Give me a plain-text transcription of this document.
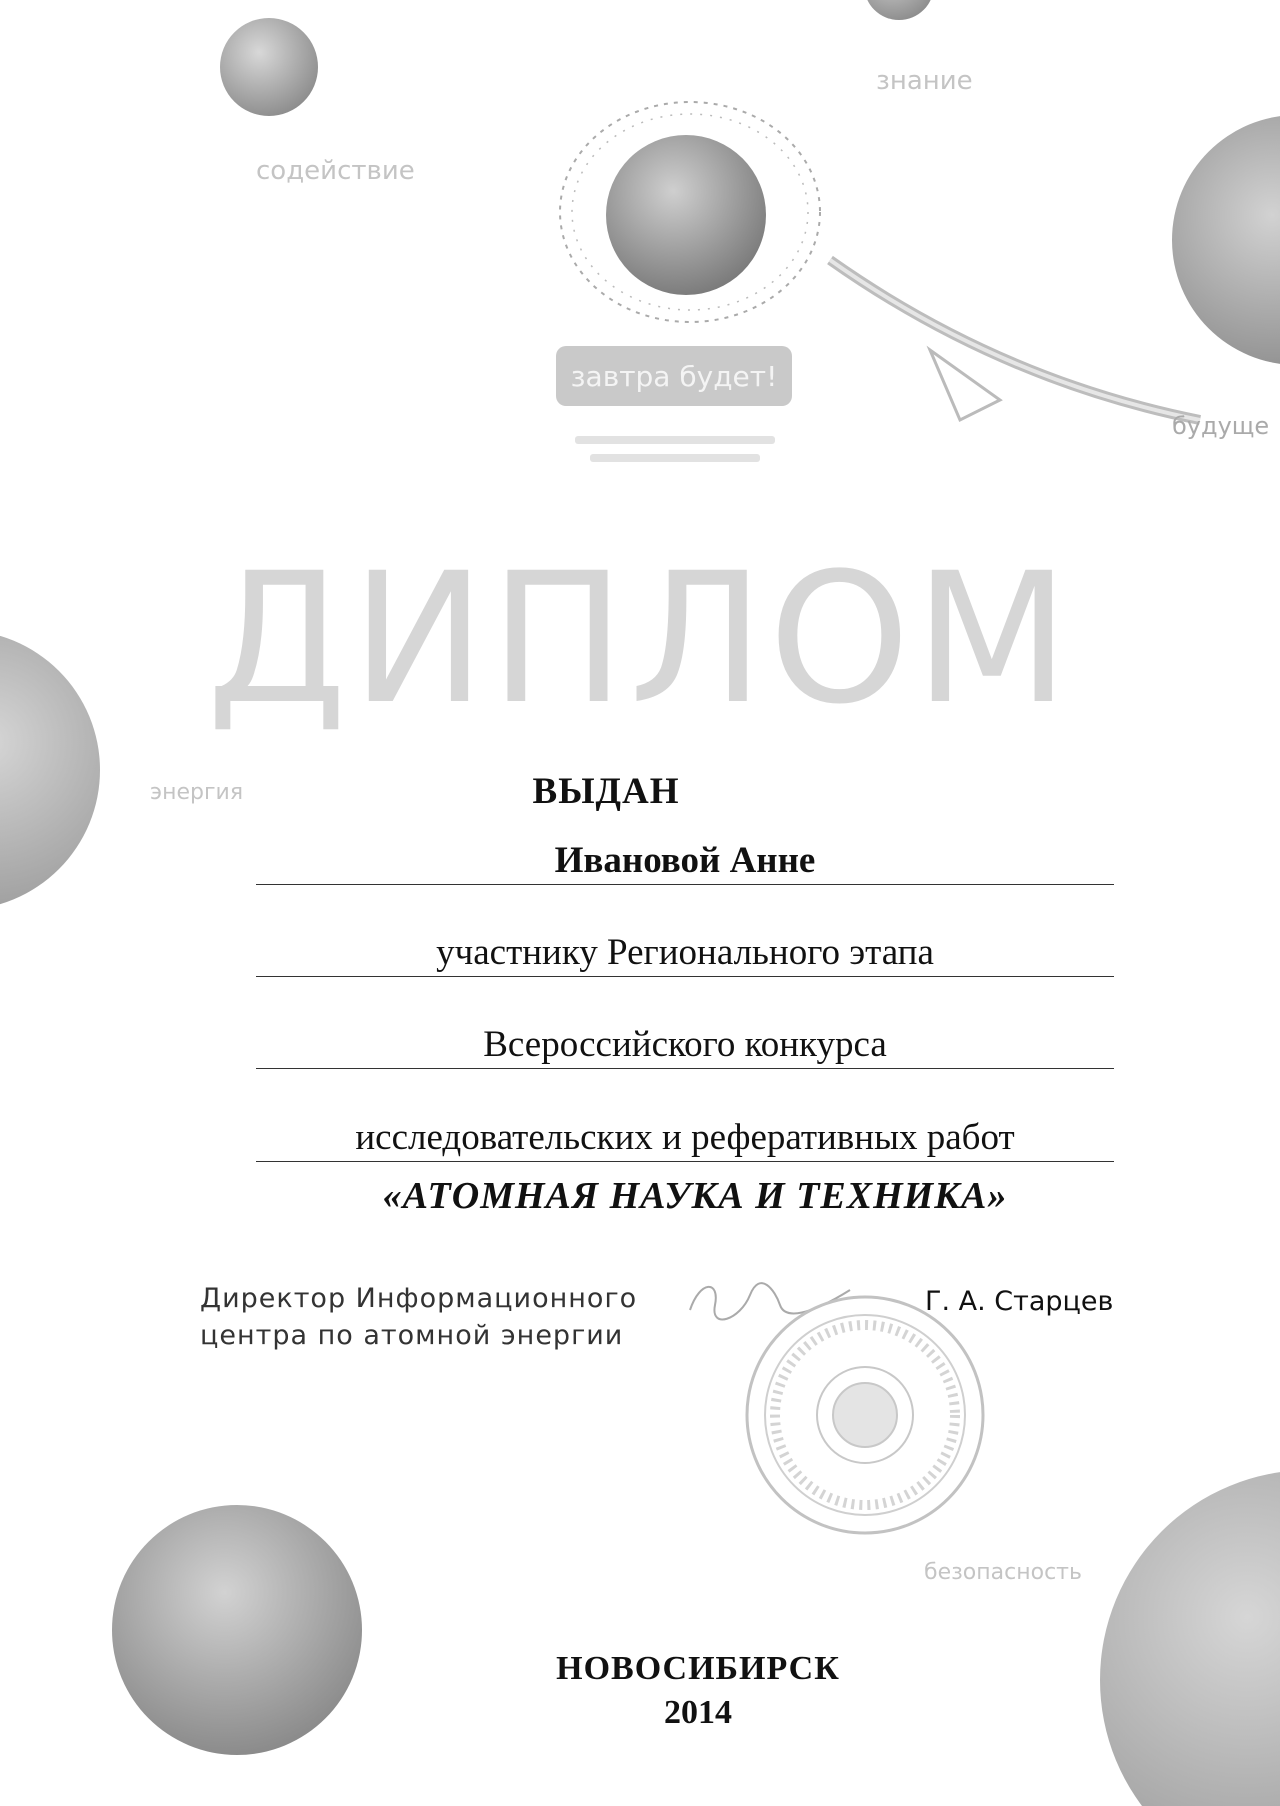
знание
содействие
будуще
энергия
безопасность
завтра будет!
ДИПЛОМ
ВЫДАН
Ивановой Анне
участнику Регионального этапа
Всероссийского конкурса
исследовательских и реферативных работ
«АТОМНАЯ НАУКА И ТЕХНИКА»
Директор Информационного
центра по атомной энергии
Г. А. Старцев
НОВОСИБИРСК
2014
